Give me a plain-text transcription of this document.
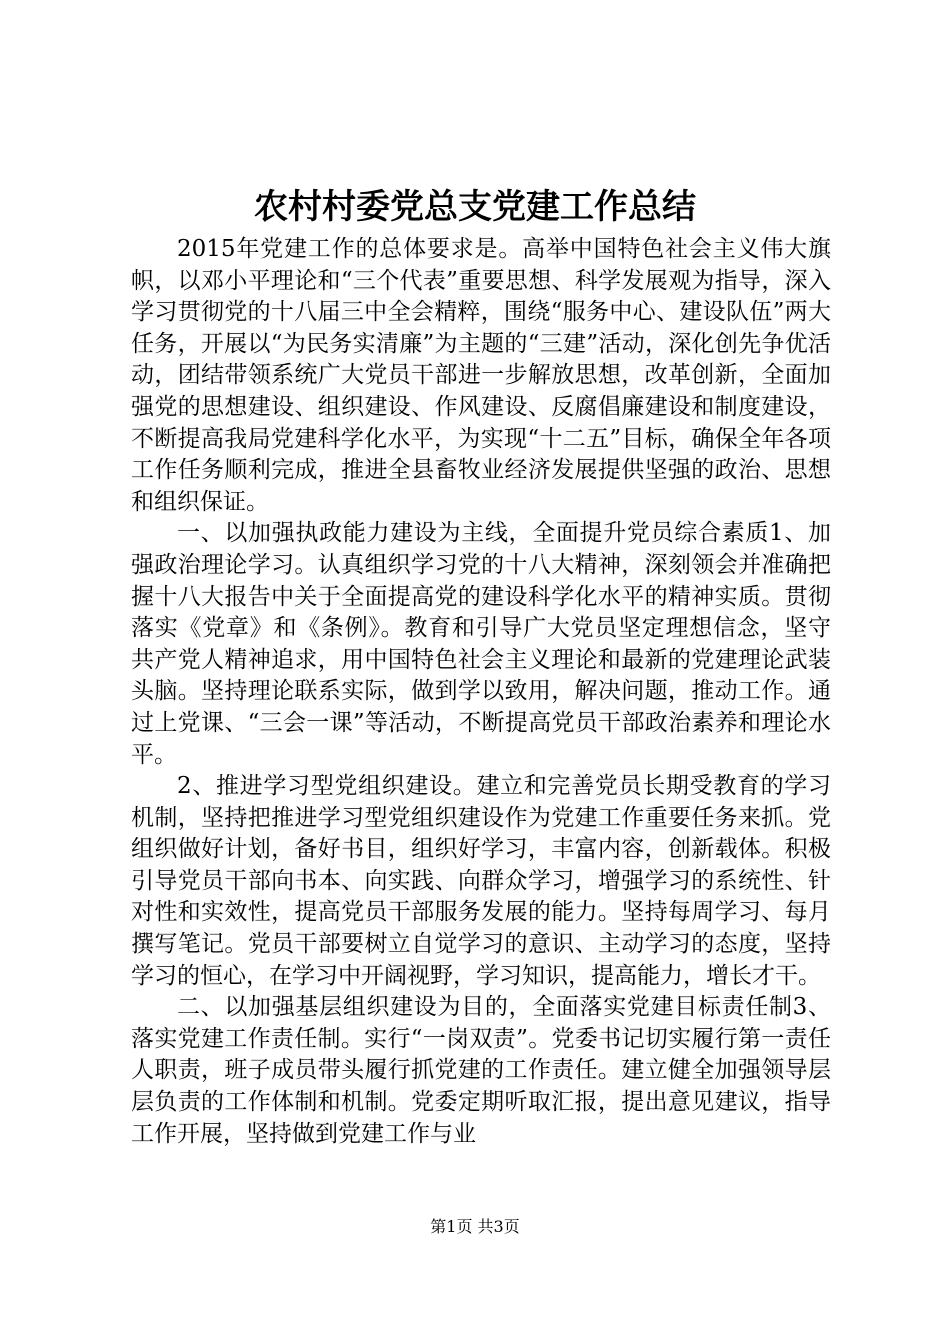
农村村委党总支党建工作总结

2015年党建工作的总体要求是。高举中国特色社会主义伟大旗帜，以邓小平理论和“三个代表”重要思想、科学发展观为指导，深入学习贯彻党的十八届三中全会精粹，围绕“服务中心、建设队伍”两大任务，开展以“为民务实清廉”为主题的“三建”活动，深化创先争优活动，团结带领系统广大党员干部进一步解放思想，改革创新，全面加强党的思想建设、组织建设、作风建设、反腐倡廉建设和制度建设，不断提高我局党建科学化水平，为实现“十二五”目标，确保全年各项工作任务顺利完成，推进全县畜牧业经济发展提供坚强的政治、思想和组织保证。

一、以加强执政能力建设为主线，全面提升党员综合素质1、加强政治理论学习。认真组织学习党的十八大精神，深刻领会并准确把握十八大报告中关于全面提高党的建设科学化水平的精神实质。贯彻落实《党章》和《条例》。教育和引导广大党员坚定理想信念，坚守共产党人精神追求，用中国特色社会主义理论和最新的党建理论武装头脑。坚持理论联系实际，做到学以致用，解决问题，推动工作。通过上党课、“三会一课”等活动，不断提高党员干部政治素养和理论水平。

2、推进学习型党组织建设。建立和完善党员长期受教育的学习机制，坚持把推进学习型党组织建设作为党建工作重要任务来抓。党组织做好计划，备好书目，组织好学习，丰富内容，创新载体。积极引导党员干部向书本、向实践、向群众学习，增强学习的系统性、针对性和实效性，提高党员干部服务发展的能力。坚持每周学习、每月撰写笔记。党员干部要树立自觉学习的意识、主动学习的态度，坚持学习的恒心，在学习中开阔视野，学习知识，提高能力，增长才干。

二、以加强基层组织建设为目的，全面落实党建目标责任制3、落实党建工作责任制。实行“一岗双责”。党委书记切实履行第一责任人职责，班子成员带头履行抓党建的工作责任。建立健全加强领导层层负责的工作体制和机制。党委定期听取汇报，提出意见建议，指导工作开展，坚持做到党建工作与业

第1页 共3页
